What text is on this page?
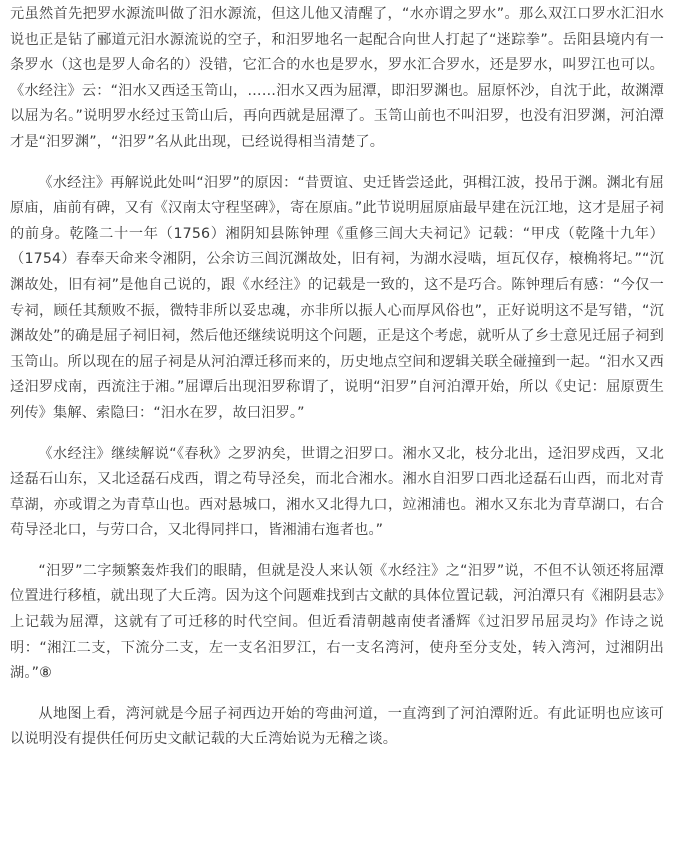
元虽然首先把罗水源流叫做了汨水源流，但这儿他又清醒了，“水亦谓之罗水”。那么双江口罗水汇汨水说也正是钻了郦道元汨水源流说的空子，和汨罗地名一起配合向世人打起了“迷踪拳”。岳阳县境内有一条罗水（这也是罗人命名的）没错，它汇合的水也是罗水，罗水汇合罗水，还是罗水，叫罗江也可以。《水经注》云：“汨水又西迳玉笥山，……汨水又西为屈潭，即汨罗渊也。屈原怀沙，自沈于此，故渊潭以屈为名。”说明罗水经过玉笥山后，再向西就是屈潭了。玉笥山前也不叫汨罗，也没有汨罗渊，河泊潭才是“汨罗渊”，“汨罗”名从此出现，已经说得相当清楚了。

《水经注》再解说此处叫“汨罗”的原因：“昔贾谊、史迁皆尝迳此，弭楫江波，投吊于渊。渊北有屈原庙，庙前有碑，又有《汉南太守程坚碑》，寄在原庙。”此节说明屈原庙最早建在沅江地，这才是屈子祠的前身。乾隆二十一年（1756）湘阴知县陈钟理《重修三闾大夫祠记》记载：“甲戌（乾隆十九年）（1754）春奉天命来令湘阴，公余访三闾沉渊故处，旧有祠，为湖水浸啮，垣瓦仅存，榱桷将圮。”“沉渊故处，旧有祠”是他自己说的，跟《水经注》的记载是一致的，这不是巧合。陈钟理后有感：“今仅一专祠，顾任其颓败不振，微特非所以妥忠魂，亦非所以振人心而厚风俗也”，正好说明这不是写错，“沉渊故处”的确是屈子祠旧祠，然后他还继续说明这个问题，正是这个考虑，就听从了乡士意见迁屈子祠到玉笥山。所以现在的屈子祠是从河泊潭迁移而来的，历史地点空间和逻辑关联全碰撞到一起。“汨水又西迳汨罗戍南，西流注于湘。”屈谭后出现汨罗称谓了，说明“汨罗”自河泊潭开始，所以《史记：屈原贾生列传》集解、索隐曰：“汨水在罗，故曰汨罗。”

《水经注》继续解说“《春秋》之罗汭矣，世谓之汨罗口。湘水又北，枝分北出，迳汨罗戍西，又北迳磊石山东，又北迳磊石戍西，谓之苟导泾矣，而北合湘水。湘水自汨罗口西北迳磊石山西，而北对青草湖，亦或谓之为青草山也。西对悬城口，湘水又北得九口，竝湘浦也。湘水又东北为青草湖口，右合苟导泾北口，与劳口合，又北得同拌口，皆湘浦右迤者也。”

“汨罗”二字频繁轰炸我们的眼睛，但就是没人来认领《水经注》之“汨罗”说，不但不认领还将屈潭位置进行移植，就出现了大丘湾。因为这个问题难找到古文献的具体位置记载，河泊潭只有《湘阴县志》上记载为屈潭，这就有了可迁移的时代空间。但近看清朝越南使者潘辉《过汨罗吊屈灵均》作诗之说明：“湘江二支，下流分二支，左一支名汨罗江，右一支名湾河，使舟至分支处，转入湾河，过湘阴出湖。”⑧

从地图上看，湾河就是今屈子祠西边开始的弯曲河道，一直湾到了河泊潭附近。有此证明也应该可以说明没有提供任何历史文献记载的大丘湾始说为无稽之谈。
